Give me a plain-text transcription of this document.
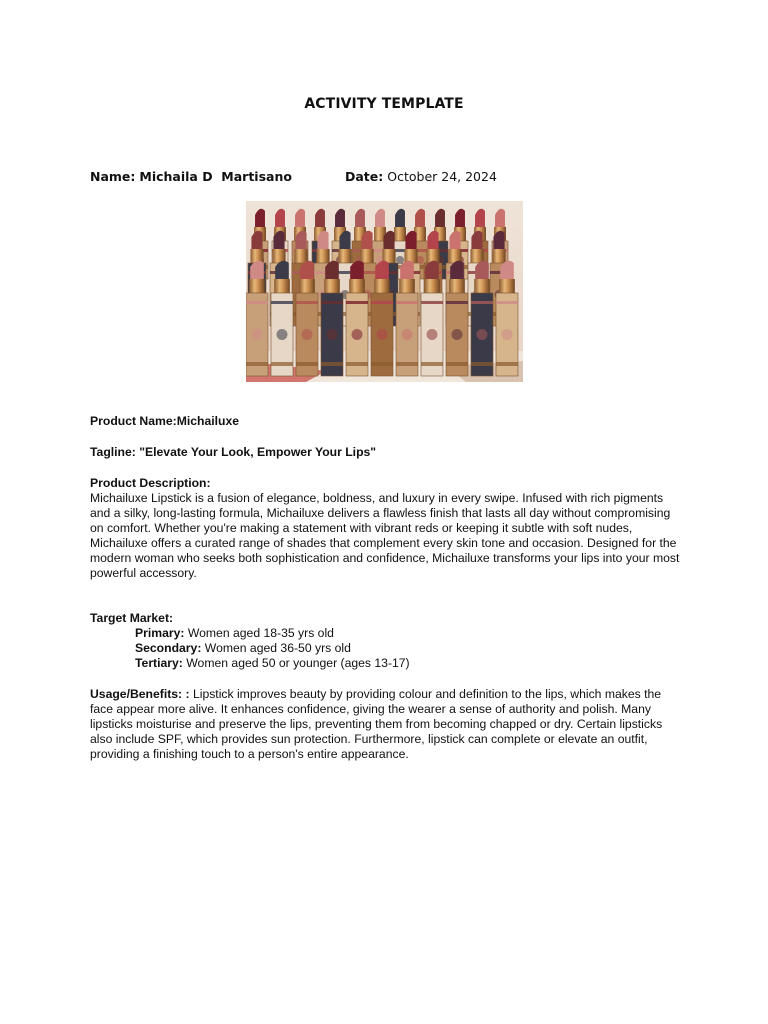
ACTIVITY TEMPLATE
Name: Michaila D  Martisano	Date: October 24, 2024

Product Name:Michailuxe

Tagline: "Elevate Your Look, Empower Your Lips"

Product Description:

Michailuxe Lipstick is a fusion of elegance, boldness, and luxury in every swipe. Infused with rich pigments and a silky, long-lasting formula, Michailuxe delivers a flawless finish that lasts all day without compromising on comfort. Whether you're making a statement with vibrant reds or keeping it subtle with soft nudes, Michailuxe offers a curated range of shades that complement every skin tone and occasion. Designed for the modern woman who seeks both sophistication and confidence, Michailuxe transforms your lips into your most powerful accessory.

Target Market:

Primary: Women aged 18-35 yrs old

Secondary: Women aged 36-50 yrs old

Tertiary: Women aged 50 or younger (ages 13-17)

Usage/Benefits: : Lipstick improves beauty by providing colour and definition to the lips, which makes the face appear more alive. It enhances confidence, giving the wearer a sense of authority and polish. Many lipsticks moisturise and preserve the lips, preventing them from becoming chapped or dry. Certain lipsticks also include SPF, which provides sun protection. Furthermore, lipstick can complete or elevate an outfit, providing a finishing touch to a person's entire appearance.
